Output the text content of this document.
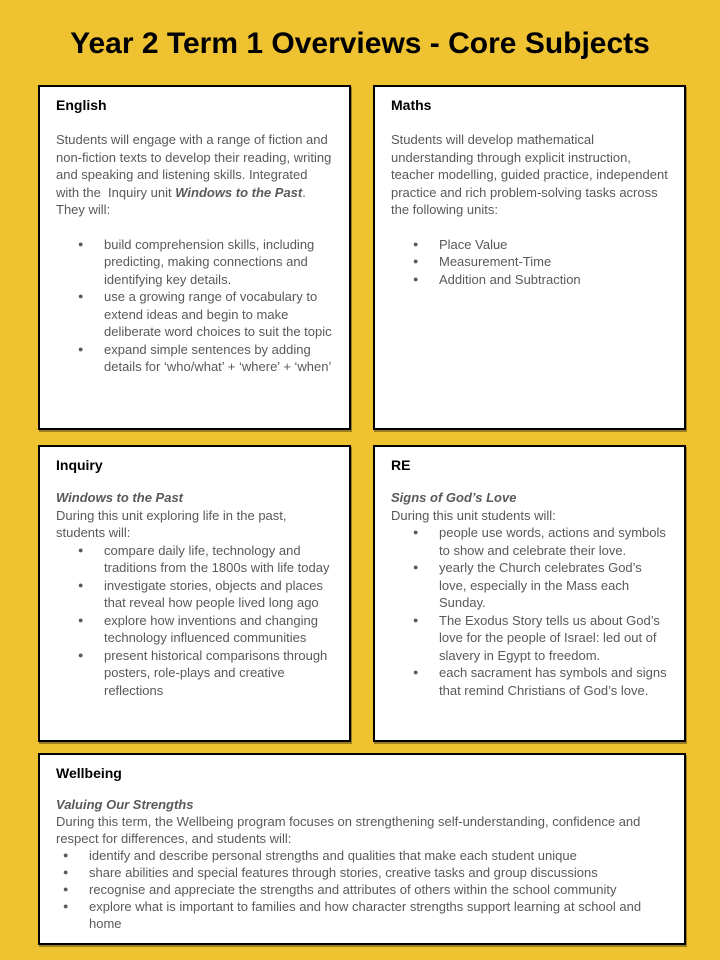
Year 2 Term 1 Overviews - Core Subjects
English

Students will engage with a range of fiction and non-fiction texts to develop their reading, writing and speaking and listening skills. Integrated with the  Inquiry unit Windows to the Past. They will:

●	build comprehension skills, including predicting, making connections and identifying key details.
●	use a growing range of vocabulary to extend ideas and begin to make deliberate word choices to suit the topic
●	expand simple sentences by adding details for ‘who/what’ + ‘where’ + ‘when’
Maths

Students will develop mathematical understanding through explicit instruction, teacher modelling, guided practice, independent practice and rich problem-solving tasks across the following units:

●	Place Value
●	Measurement-Time
●	Addition and Subtraction
Inquiry

Windows to the Past

During this unit exploring life in the past, students will:

●	compare daily life, technology and traditions from the 1800s with life today
●	investigate stories, objects and places that reveal how people lived long ago
●	explore how inventions and changing technology influenced communities
●	present historical comparisons through posters, role-plays and creative reflections
RE

Signs of God’s Love

During this unit students will:

●	people use words, actions and symbols to show and celebrate their love.
●	yearly the Church celebrates God’s love, especially in the Mass each Sunday.
●	The Exodus Story tells us about God’s love for the people of Israel: led out of slavery in Egypt to freedom.
●	each sacrament has symbols and signs that remind Christians of God’s love.
Wellbeing

Valuing Our Strengths

During this term, the Wellbeing program focuses on strengthening self-understanding, confidence and respect for differences, and students will:

●	identify and describe personal strengths and qualities that make each student unique
●	share abilities and special features through stories, creative tasks and group discussions
●	recognise and appreciate the strengths and attributes of others within the school community
●	explore what is important to families and how character strengths support learning at school and home
